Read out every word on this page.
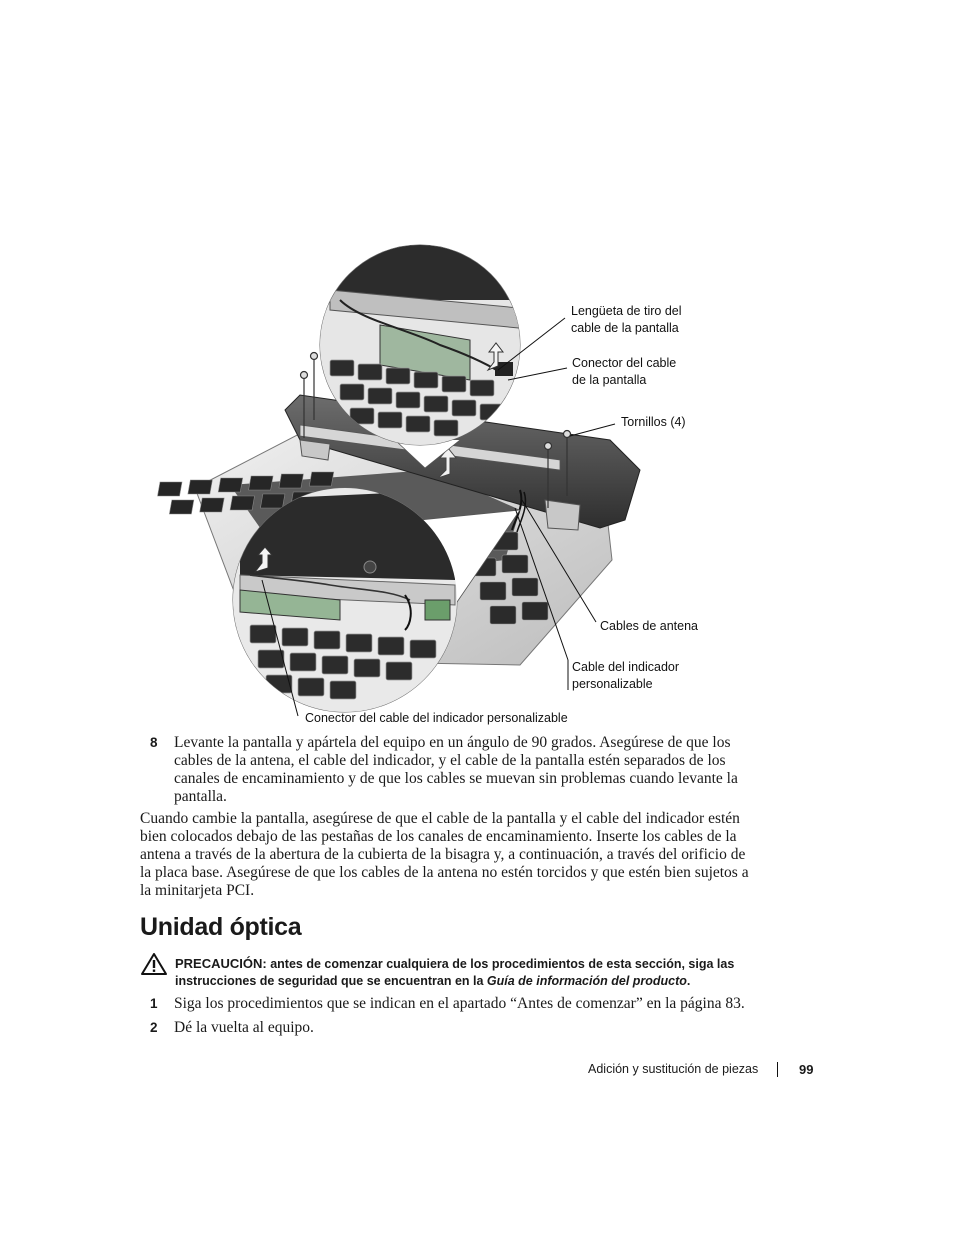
Lengüeta de tiro del
cable de la pantalla
Conector del cable
de la pantalla
Tornillos (4)
Cables de antena
Cable del indicador
personalizable
Conector del cable del indicador personalizable
8 Levante la pantalla y apártela del equipo en un ángulo de 90 grados. Asegúrese de que los cables de la antena, el cable del indicador, y el cable de la pantalla estén separados de los canales de encaminamiento y de que los cables se muevan sin problemas cuando levante la pantalla.
Cuando cambie la pantalla, asegúrese de que el cable de la pantalla y el cable del indicador estén bien colocados debajo de las pestañas de los canales de encaminamiento. Inserte los cables de la antena a través de la abertura de la cubierta de la bisagra y, a continuación, a través del orificio de la placa base. Asegúrese de que los cables de la antena no estén torcidos y que estén bien sujetos a la minitarjeta PCI.
Unidad óptica
PRECAUCIÓN: antes de comenzar cualquiera de los procedimientos de esta sección, siga las instrucciones de seguridad que se encuentran en la Guía de información del producto.
1 Siga los procedimientos que se indican en el apartado “Antes de comenzar” en la página 83.
2 Dé la vuelta al equipo.
Adición y sustitución de piezas	99
